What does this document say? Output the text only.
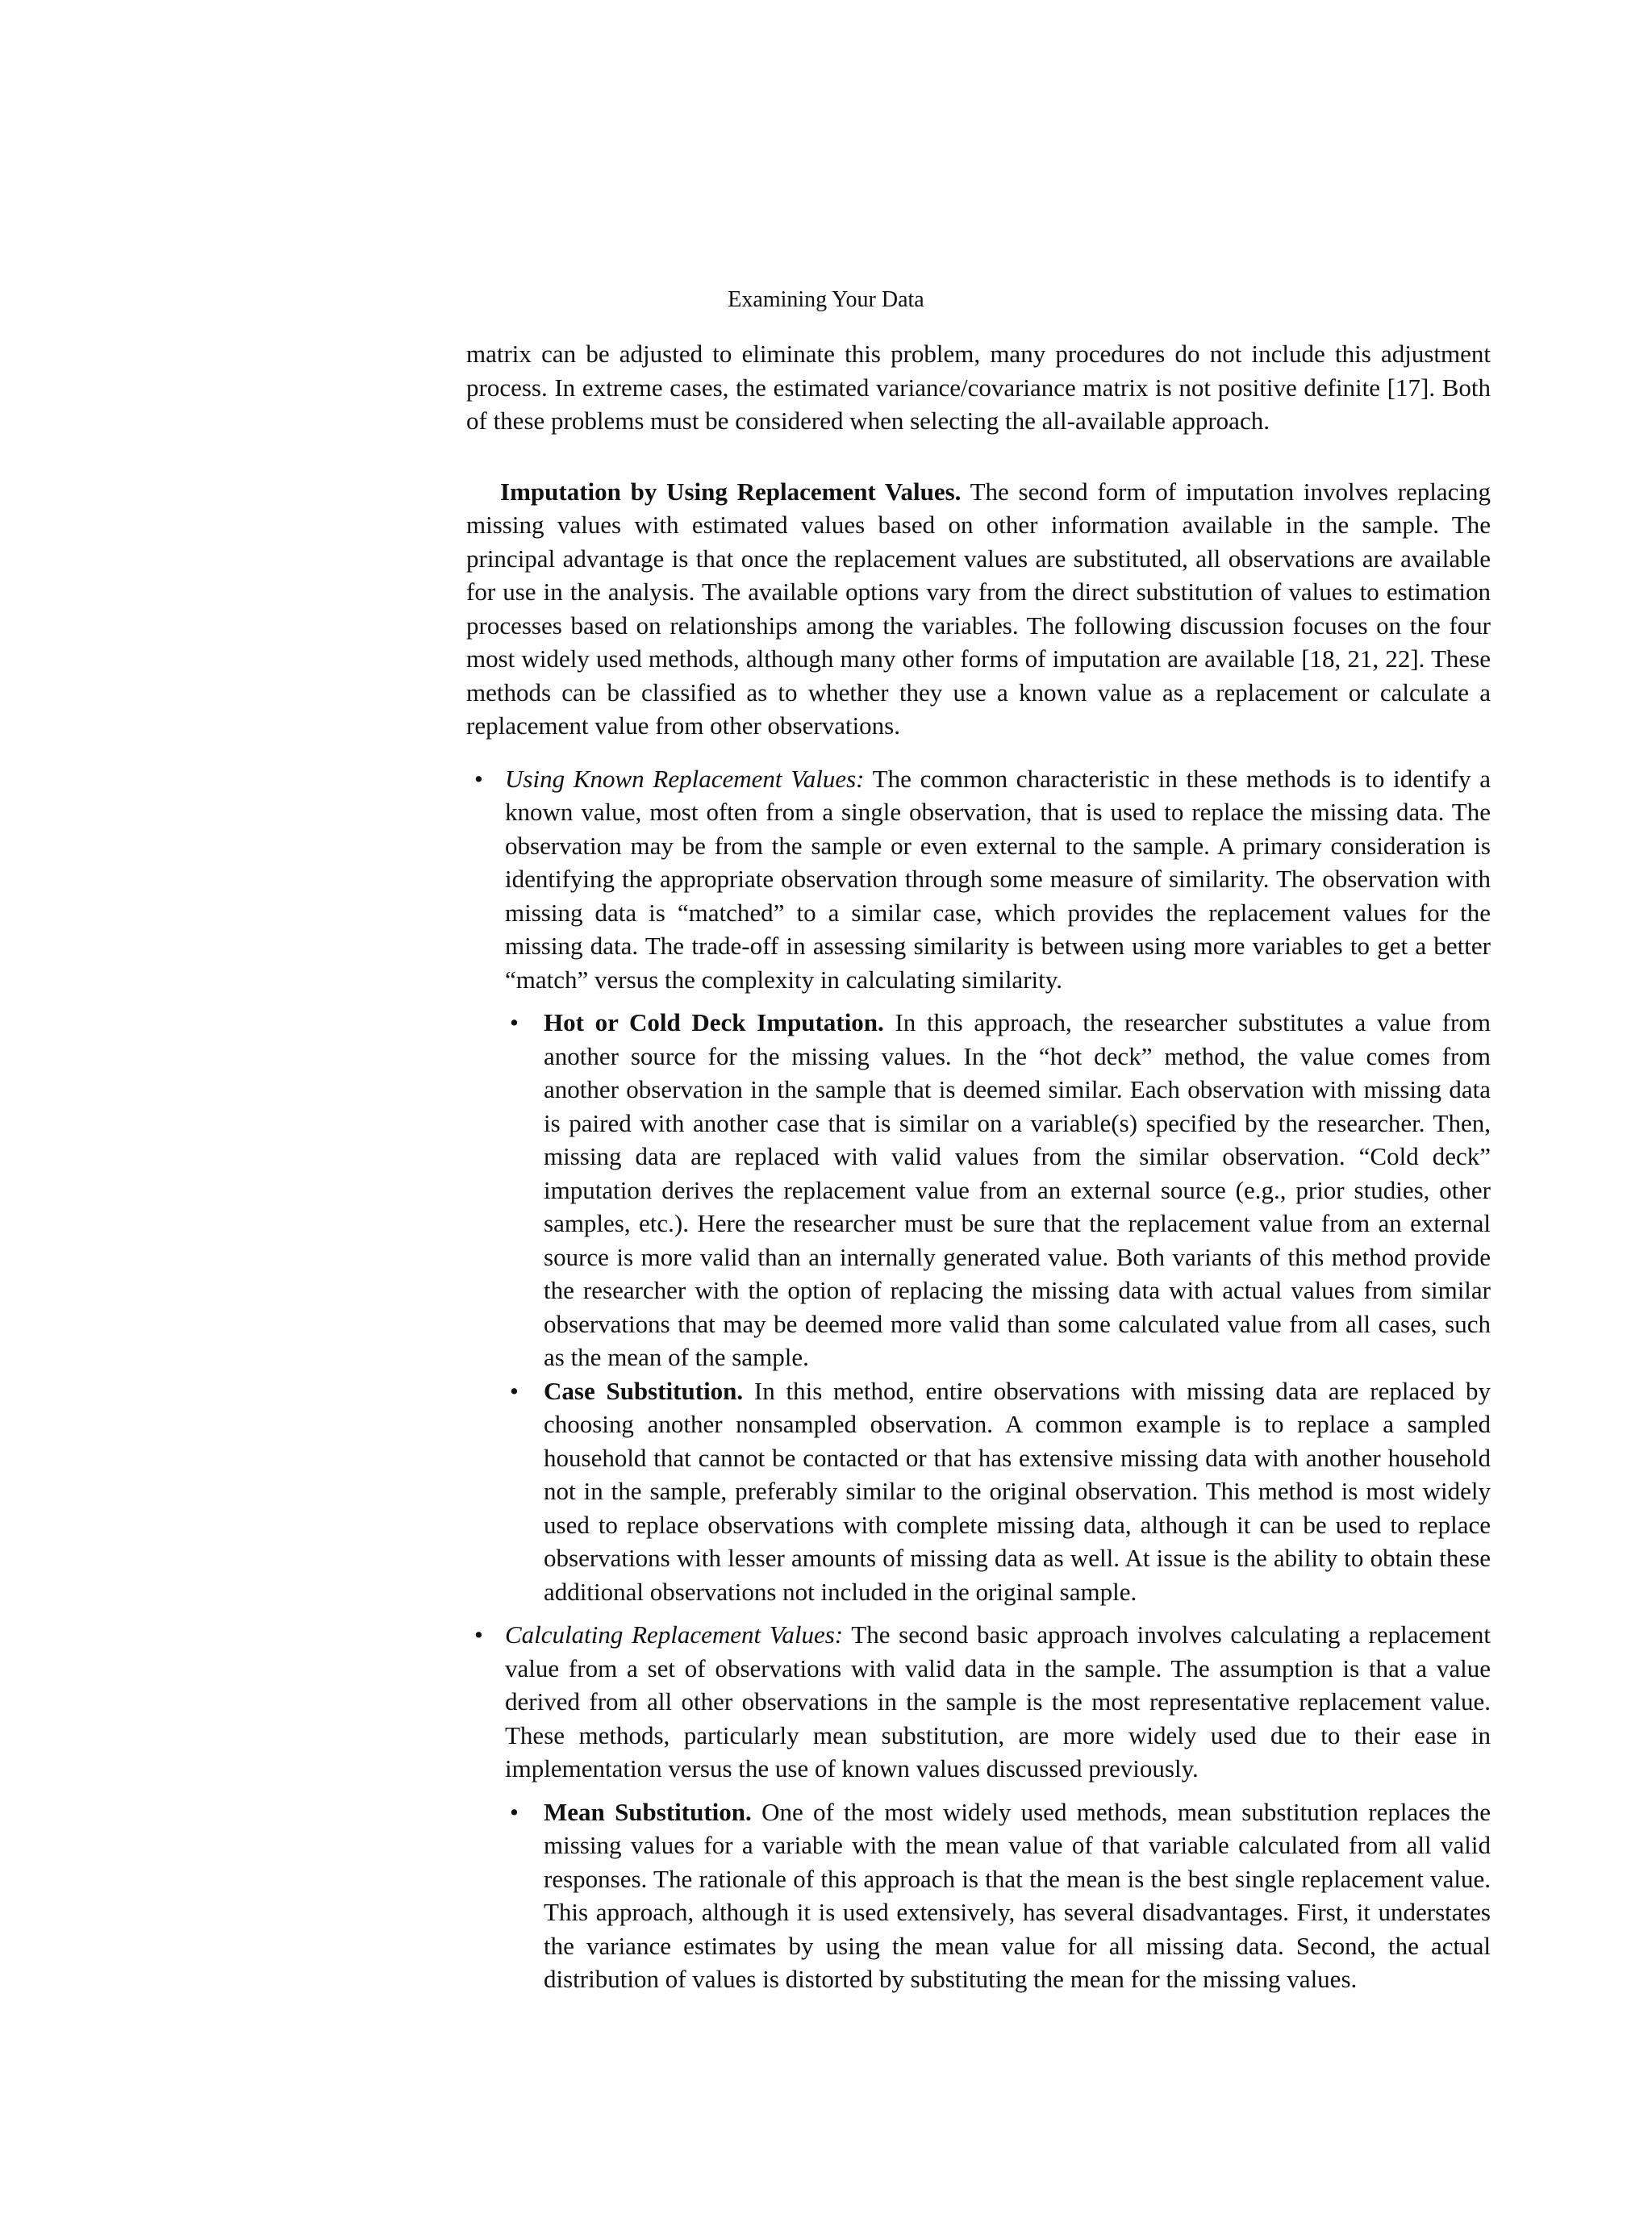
Examining Your Data

matrix can be adjusted to eliminate this problem, many procedures do not include this adjustment process. In extreme cases, the estimated variance/covariance matrix is not positive definite [17]. Both of these problems must be considered when selecting the all-available approach.

Imputation by Using Replacement Values. The second form of imputation involves replacing missing values with estimated values based on other information available in the sample. The principal advantage is that once the replacement values are substituted, all observations are available for use in the analysis. The available options vary from the direct substitution of values to estimation processes based on relationships among the variables. The following discussion focuses on the four most widely used methods, although many other forms of imputation are available [18, 21, 22]. These methods can be classified as to whether they use a known value as a replacement or calculate a replacement value from other observations.

• Using Known Replacement Values: The common characteristic in these methods is to identify a known value, most often from a single observation, that is used to replace the missing data. The observation may be from the sample or even external to the sample. A primary consideration is identifying the appropriate observation through some measure of similarity. The observation with missing data is “matched” to a similar case, which provides the replacement values for the missing data. The trade-off in assessing similarity is between using more variables to get a better “match” versus the complexity in calculating similarity.

• Hot or Cold Deck Imputation. In this approach, the researcher substitutes a value from another source for the missing values. In the “hot deck” method, the value comes from another observation in the sample that is deemed similar. Each observation with missing data is paired with another case that is similar on a variable(s) specified by the researcher. Then, missing data are replaced with valid values from the similar observation. “Cold deck” imputation derives the replacement value from an external source (e.g., prior studies, other samples, etc.). Here the researcher must be sure that the replacement value from an external source is more valid than an internally generated value. Both variants of this method provide the researcher with the option of replacing the missing data with actual values from similar observations that may be deemed more valid than some calculated value from all cases, such as the mean of the sample.

• Case Substitution. In this method, entire observations with missing data are replaced by choosing another nonsampled observation. A common example is to replace a sampled household that cannot be contacted or that has extensive missing data with another household not in the sample, preferably similar to the original observation. This method is most widely used to replace observations with complete missing data, although it can be used to replace observations with lesser amounts of missing data as well. At issue is the ability to obtain these additional observations not included in the original sample.

• Calculating Replacement Values: The second basic approach involves calculating a replacement value from a set of observations with valid data in the sample. The assumption is that a value derived from all other observations in the sample is the most representative replacement value. These methods, particularly mean substitution, are more widely used due to their ease in implementation versus the use of known values discussed previously.

• Mean Substitution. One of the most widely used methods, mean substitution replaces the missing values for a variable with the mean value of that variable calculated from all valid responses. The rationale of this approach is that the mean is the best single replacement value. This approach, although it is used extensively, has several disadvantages. First, it understates the variance estimates by using the mean value for all missing data. Second, the actual distribution of values is distorted by substituting the mean for the missing values.
